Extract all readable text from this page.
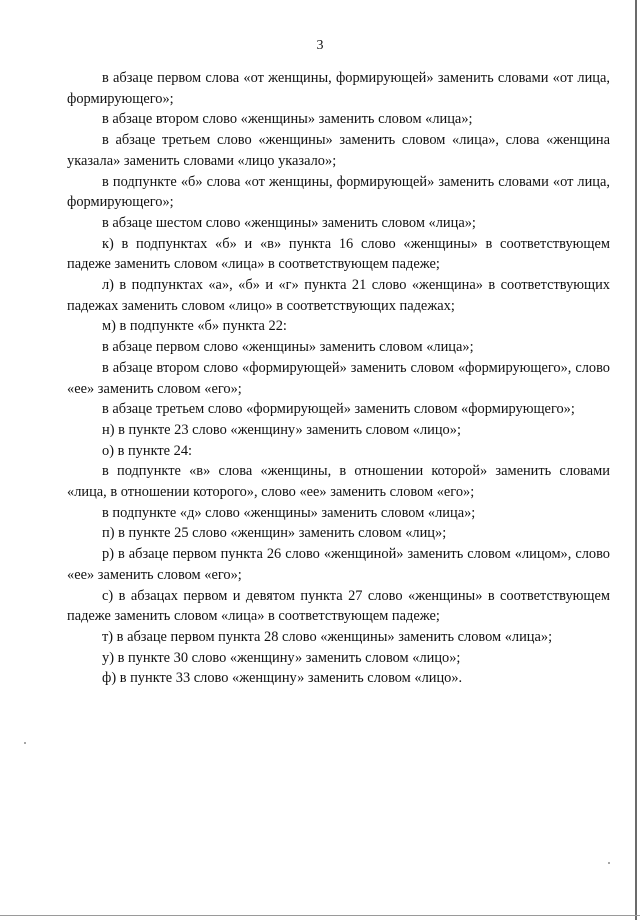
3

в абзаце первом слова «от женщины, формирующей» заменить словами «от лица, формирующего»;

в абзаце втором слово «женщины» заменить словом «лица»;

в абзаце третьем слово «женщины» заменить словом «лица», слова «женщина указала» заменить словами «лицо указало»;

в подпункте «б» слова «от женщины, формирующей» заменить словами «от лица, формирующего»;

в абзаце шестом слово «женщины» заменить словом «лица»;

к) в подпунктах «б» и «в» пункта 16 слово «женщины» в соответствующем падеже заменить словом «лица» в соответствующем падеже;

л) в подпунктах «а», «б» и «г» пункта 21 слово «женщина» в соответствующих падежах заменить словом «лицо» в соответствующих падежах;

м) в подпункте «б» пункта 22:

в абзаце первом слово «женщины» заменить словом «лица»;

в абзаце втором слово «формирующей» заменить словом «формирующего», слово «ее» заменить словом «его»;

в абзаце третьем слово «формирующей» заменить словом «формирующего»;

н) в пункте 23 слово «женщину» заменить словом «лицо»;

о) в пункте 24:

в подпункте «в» слова «женщины, в отношении которой» заменить словами «лица, в отношении которого», слово «ее» заменить словом «его»;

в подпункте «д» слово «женщины» заменить словом «лица»;

п) в пункте 25 слово «женщин» заменить словом «лиц»;

р) в абзаце первом пункта 26 слово «женщиной» заменить словом «лицом», слово «ее» заменить словом «его»;

с) в абзацах первом и девятом пункта 27 слово «женщины» в соответствующем падеже заменить словом «лица» в соответствующем падеже;

т) в абзаце первом пункта 28 слово «женщины» заменить словом «лица»;

у) в пункте 30 слово «женщину» заменить словом «лицо»;

ф) в пункте 33 слово «женщину» заменить словом «лицо».
